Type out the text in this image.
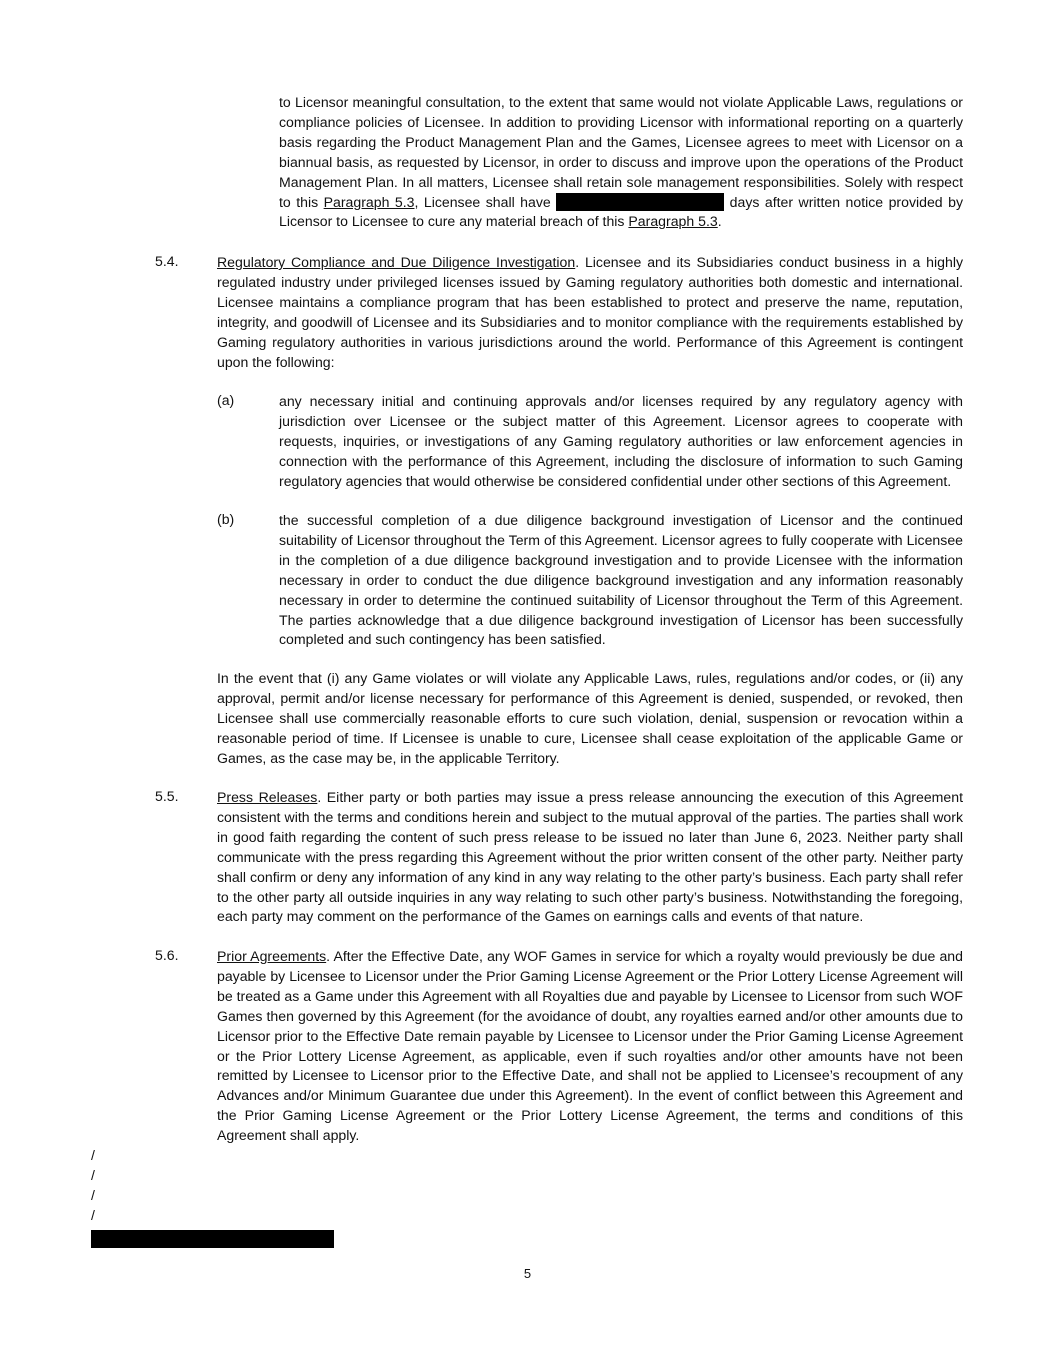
to Licensor meaningful consultation, to the extent that same would not violate Applicable Laws, regulations or compliance policies of Licensee. In addition to providing Licensor with informational reporting on a quarterly basis regarding the Product Management Plan and the Games, Licensee agrees to meet with Licensor on a biannual basis, as requested by Licensor, in order to discuss and improve upon the operations of the Product Management Plan. In all matters, Licensee shall retain sole management responsibilities. Solely with respect to this Paragraph 5.3, Licensee shall have	days after written notice provided by Licensor to Licensee to cure any material breach of this Paragraph 5.3.

5.4.	Regulatory Compliance and Due Diligence Investigation. Licensee and its Subsidiaries conduct business in a highly regulated industry under privileged licenses issued by Gaming regulatory authorities both domestic and international. Licensee maintains a compliance program that has been established to protect and preserve the name, reputation, integrity, and goodwill of Licensee and its Subsidiaries and to monitor compliance with the requirements established by Gaming regulatory authorities in various jurisdictions around the world. Performance of this Agreement is contingent upon the following:

(a)	any necessary initial and continuing approvals and/or licenses required by any regulatory agency with jurisdiction over Licensee or the subject matter of this Agreement. Licensor agrees to cooperate with requests, inquiries, or investigations of any Gaming regulatory authorities or law enforcement agencies in connection with the performance of this Agreement, including the disclosure of information to such Gaming regulatory agencies that would otherwise be considered confidential under other sections of this Agreement.

(b)	the successful completion of a due diligence background investigation of Licensor and the continued suitability of Licensor throughout the Term of this Agreement. Licensor agrees to fully cooperate with Licensee in the completion of a due diligence background investigation and to provide Licensee with the information necessary in order to conduct the due diligence background investigation and any information reasonably necessary in order to determine the continued suitability of Licensor throughout the Term of this Agreement. The parties acknowledge that a due diligence background investigation of Licensor has been successfully completed and such contingency has been satisfied.

In the event that (i) any Game violates or will violate any Applicable Laws, rules, regulations and/or codes, or (ii) any approval, permit and/or license necessary for performance of this Agreement is denied, suspended, or revoked, then Licensee shall use commercially reasonable efforts to cure such violation, denial, suspension or revocation within a reasonable period of time. If Licensee is unable to cure, Licensee shall cease exploitation of the applicable Game or Games, as the case may be, in the applicable Territory.

5.5.	Press Releases. Either party or both parties may issue a press release announcing the execution of this Agreement consistent with the terms and conditions herein and subject to the mutual approval of the parties. The parties shall work in good faith regarding the content of such press release to be issued no later than June 6, 2023. Neither party shall communicate with the press regarding this Agreement without the prior written consent of the other party. Neither party shall confirm or deny any information of any kind in any way relating to the other party’s business. Each party shall refer to the other party all outside inquiries in any way relating to such other party’s business. Notwithstanding the foregoing, each party may comment on the performance of the Games on earnings calls and events of that nature.

5.6.	Prior Agreements. After the Effective Date, any WOF Games in service for which a royalty would previously be due and payable by Licensee to Licensor under the Prior Gaming License Agreement or the Prior Lottery License Agreement will be treated as a Game under this Agreement with all Royalties due and payable by Licensee to Licensor from such WOF Games then governed by this Agreement (for the avoidance of doubt, any royalties earned and/or other amounts due to Licensor prior to the Effective Date remain payable by Licensee to Licensor under the Prior Gaming License Agreement or the Prior Lottery License Agreement, as applicable, even if such royalties and/or other amounts have not been remitted by Licensee to Licensor prior to the Effective Date, and shall not be applied to Licensee’s recoupment of any Advances and/or Minimum Guarantee due under this Agreement). In the event of conflict between this Agreement and the Prior Gaming License Agreement or the Prior Lottery License Agreement, the terms and conditions of this Agreement shall apply.

/
/
/
/
5
